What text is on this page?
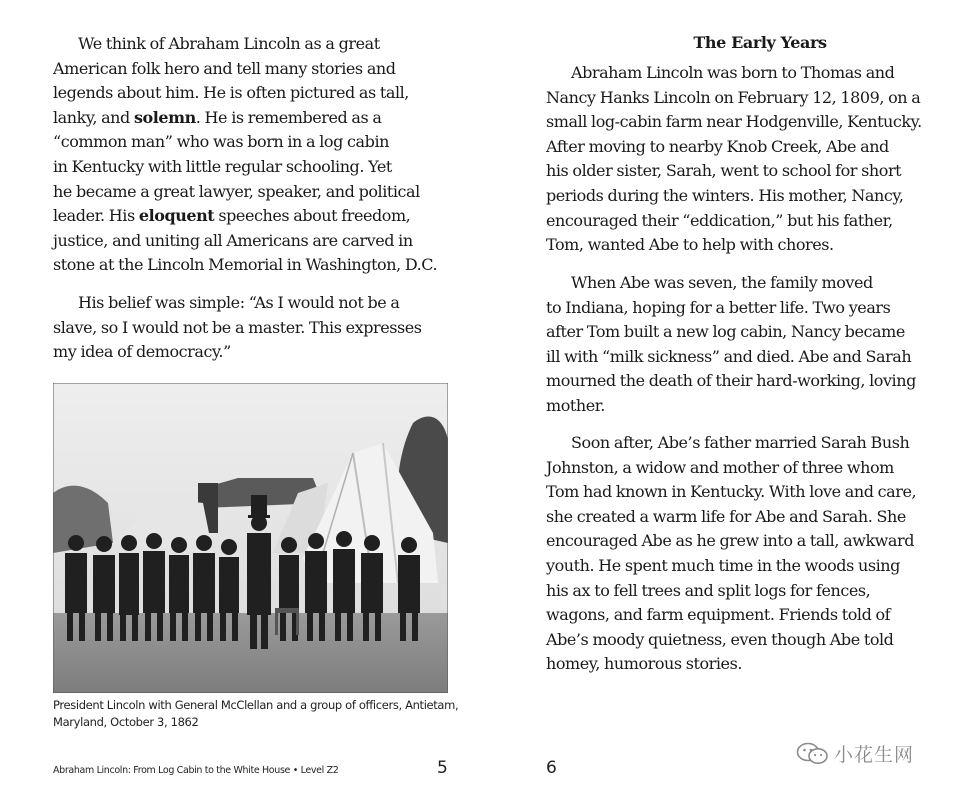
We think of Abraham Lincoln as a great
American folk hero and tell many stories and
legends about him. He is often pictured as tall,
lanky, and solemn. He is remembered as a
“common man” who was born in a log cabin
in Kentucky with little regular schooling. Yet
he became a great lawyer, speaker, and political
leader. His eloquent speeches about freedom,
justice, and uniting all Americans are carved in
stone at the Lincoln Memorial in Washington, D.C.

His belief was simple: “As I would not be a
slave, so I would not be a master. This expresses
my idea of democracy.”

President Lincoln with General McClellan and a group of officers, Antietam,
Maryland, October 3, 1862
Abraham Lincoln: From Log Cabin to the White House • Level Z2	5
The Early Years

Abraham Lincoln was born to Thomas and
Nancy Hanks Lincoln on February 12, 1809, on a
small log-cabin farm near Hodgenville, Kentucky.
After moving to nearby Knob Creek, Abe and
his older sister, Sarah, went to school for short
periods during the winters. His mother, Nancy,
encouraged their “eddication,” but his father,
Tom, wanted Abe to help with chores.

When Abe was seven, the family moved
to Indiana, hoping for a better life. Two years
after Tom built a new log cabin, Nancy became
ill with “milk sickness” and died. Abe and Sarah
mourned the death of their hard-working, loving
mother.

Soon after, Abe’s father married Sarah Bush
Johnston, a widow and mother of three whom
Tom had known in Kentucky. With love and care,
she created a warm life for Abe and Sarah. She
encouraged Abe as he grew into a tall, awkward
youth. He spent much time in the woods using
his ax to fell trees and split logs for fences,
wagons, and farm equipment. Friends told of
Abe’s moody quietness, even though Abe told
homey, humorous stories.

6
小花生网
